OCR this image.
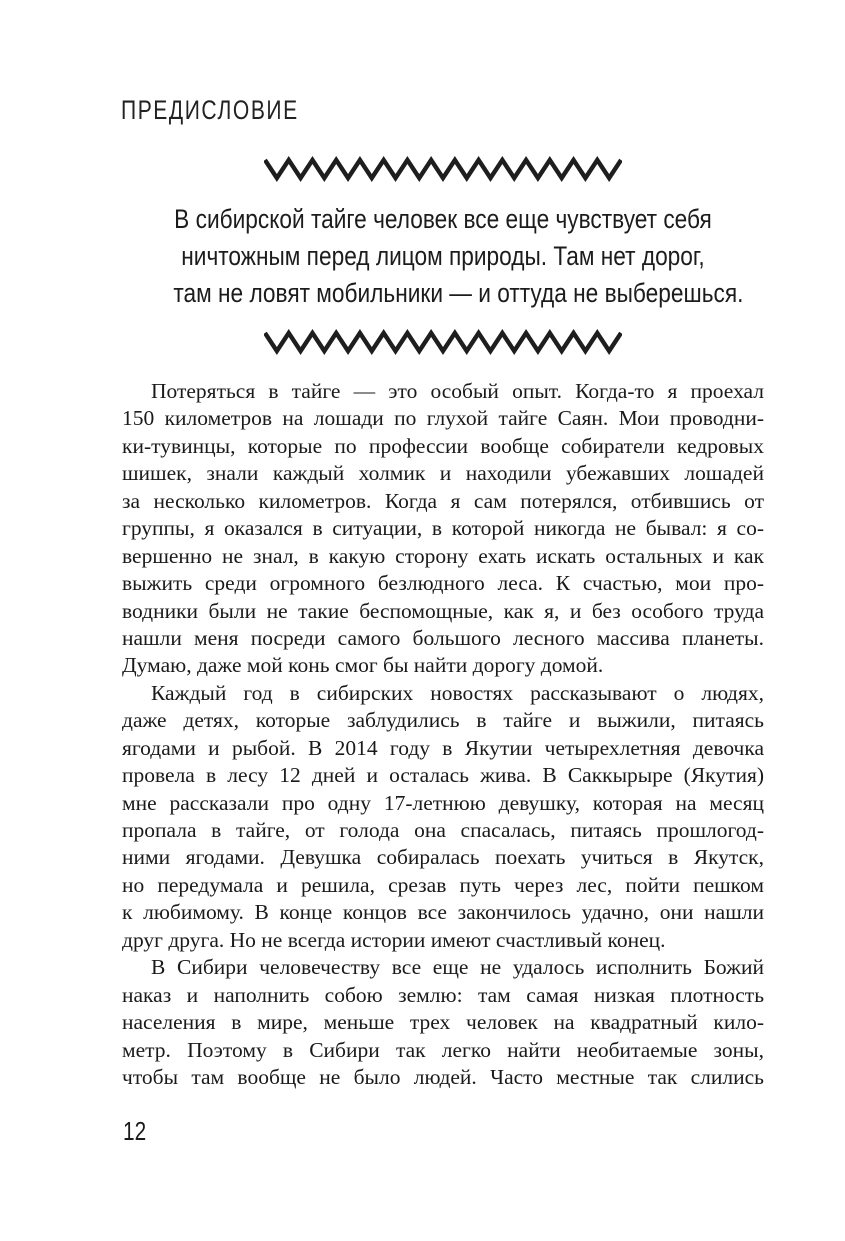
ПРЕДИСЛОВИЕ
В сибирской тайге человек все еще чувствует себя
ничтожным перед лицом природы. Там нет дорог,
там не ловят мобильники — и оттуда не выберешься.
Потеряться в тайге — это особый опыт. Когда-то я проехал
150 километров на лошади по глухой тайге Саян. Мои проводни-
ки-тувинцы, которые по профессии вообще собиратели кедровых
шишек, знали каждый холмик и находили убежавших лошадей
за несколько километров. Когда я сам потерялся, отбившись от
группы, я оказался в ситуации, в которой никогда не бывал: я со-
вершенно не знал, в какую сторону ехать искать остальных и как
выжить среди огромного безлюдного леса. К счастью, мои про-
водники были не такие беспомощные, как я, и без особого труда
нашли меня посреди самого большого лесного массива планеты.
Думаю, даже мой конь смог бы найти дорогу домой.
Каждый год в сибирских новостях рассказывают о людях,
даже детях, которые заблудились в тайге и выжили, питаясь
ягодами и рыбой. В 2014 году в Якутии четырехлетняя девочка
провела в лесу 12 дней и осталась жива. В Саккырыре (Якутия)
мне рассказали про одну 17-летнюю девушку, которая на месяц
пропала в тайге, от голода она спасалась, питаясь прошлогод-
ними ягодами. Девушка собиралась поехать учиться в Якутск,
но передумала и решила, срезав путь через лес, пойти пешком
к любимому. В конце концов все закончилось удачно, они нашли
друг друга. Но не всегда истории имеют счастливый конец.
В Сибири человечеству все еще не удалось исполнить Божий
наказ и наполнить собою землю: там самая низкая плотность
населения в мире, меньше трех человек на квадратный кило-
метр. Поэтому в Сибири так легко найти необитаемые зоны,
чтобы там вообще не было людей. Часто местные так слились
12
